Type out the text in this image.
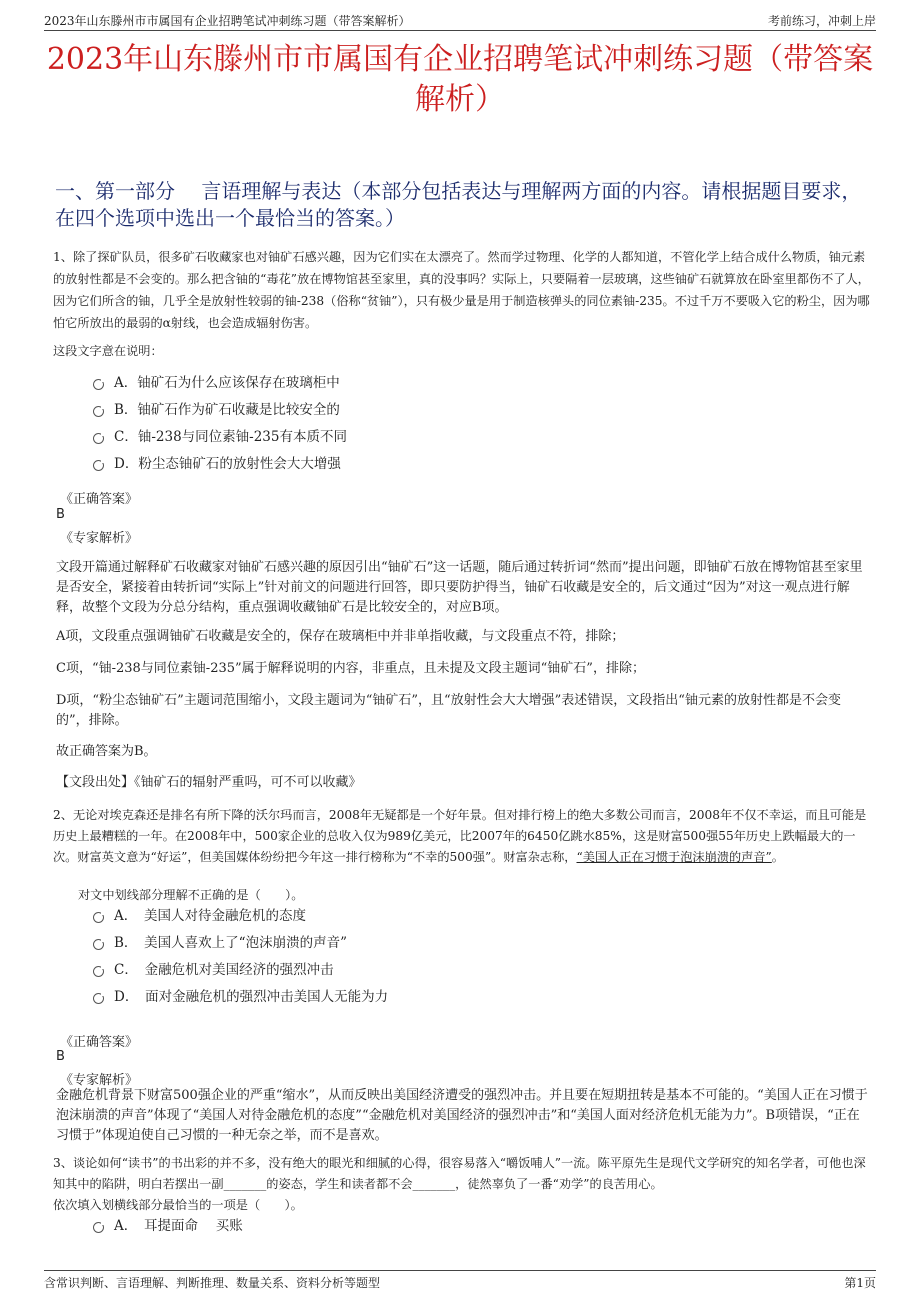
2023年山东滕州市市属国有企业招聘笔试冲刺练习题（带答案解析）	考前练习，冲刺上岸
2023年山东滕州市市属国有企业招聘笔试冲刺练习题（带答案解析）
一、第一部分　 言语理解与表达（本部分包括表达与理解两方面的内容。请根据题目要求，在四个选项中选出一个最恰当的答案。）
1、除了探矿队员，很多矿石收藏家也对铀矿石感兴趣，因为它们实在太漂亮了。然而学过物理、化学的人都知道，不管化学上结合成什么物质，铀元素的放射性都是不会变的。那么把含铀的“毒花”放在博物馆甚至家里，真的没事吗？实际上，只要隔着一层玻璃，这些铀矿石就算放在卧室里都伤不了人，因为它们所含的铀，几乎全是放射性较弱的铀-238（俗称“贫铀”），只有极少量是用于制造核弹头的同位素铀-235。不过千万不要吸入它的粉尘，因为哪怕它所放出的最弱的α射线，也会造成辐射伤害。
这段文字意在说明：
A．铀矿石为什么应该保存在玻璃柜中
B．铀矿石作为矿石收藏是比较安全的
C．铀-238与同位素铀-235有本质不同
D．粉尘态铀矿石的放射性会大大增强
《正确答案》
B
《专家解析》
文段开篇通过解释矿石收藏家对铀矿石感兴趣的原因引出“铀矿石”这一话题，随后通过转折词“然而”提出问题，即铀矿石放在博物馆甚至家里是否安全，紧接着由转折词“实际上”针对前文的问题进行回答，即只要防护得当，铀矿石收藏是安全的，后文通过“因为”对这一观点进行解释，故整个文段为分总分结构，重点强调收藏铀矿石是比较安全的，对应B项。
A项，文段重点强调铀矿石收藏是安全的，保存在玻璃柜中并非单指收藏，与文段重点不符，排除；
C项，“铀-238与同位素铀-235”属于解释说明的内容，非重点，且未提及文段主题词“铀矿石”，排除；
D项，“粉尘态铀矿石”主题词范围缩小，文段主题词为“铀矿石”，且“放射性会大大增强”表述错误，文段指出“铀元素的放射性都是不会变的”，排除。
故正确答案为B。
【文段出处】《铀矿石的辐射严重吗，可不可以收藏》
2、无论对埃克森还是排名有所下降的沃尔玛而言，2008年无疑都是一个好年景。但对排行榜上的绝大多数公司而言，2008年不仅不幸运，而且可能是历史上最糟糕的一年。在2008年中，500家企业的总收入仅为989亿美元，比2007年的6450亿跳水85%，这是财富500强55年历史上跌幅最大的一次。财富英文意为“好运”，但美国媒体纷纷把今年这一排行榜称为“不幸的500强”。财富杂志称，“美国人正在习惯于泡沫崩溃的声音”。
对文中划线部分理解不正确的是（　　）。
A．　美国人对待金融危机的态度
B．　美国人喜欢上了“泡沫崩溃的声音”
C．　金融危机对美国经济的强烈冲击
D．　面对金融危机的强烈冲击美国人无能为力
《正确答案》
B
《专家解析》
金融危机背景下财富500强企业的严重“缩水”，从而反映出美国经济遭受的强烈冲击。并且要在短期扭转是基本不可能的。“美国人正在习惯于泡沫崩溃的声音”体现了“美国人对待金融危机的态度”“金融危机对美国经济的强烈冲击”和“美国人面对经济危机无能为力”。B项错误，“正在习惯于”体现迫使自己习惯的一种无奈之举，而不是喜欢。
3、谈论如何“读书”的书出彩的并不多，没有绝大的眼光和细腻的心得，很容易落入“嚼饭哺人”一流。陈平原先生是现代文学研究的知名学者，可他也深知其中的陷阱，明白若摆出一副_______的姿态，学生和读者都不会_______，徒然辜负了一番“劝学”的良苦用心。
依次填入划横线部分最恰当的一项是（　　）。
A．　耳提面命　 买账
含常识判断、言语理解、判断推理、数量关系、资料分析等题型	第1页
